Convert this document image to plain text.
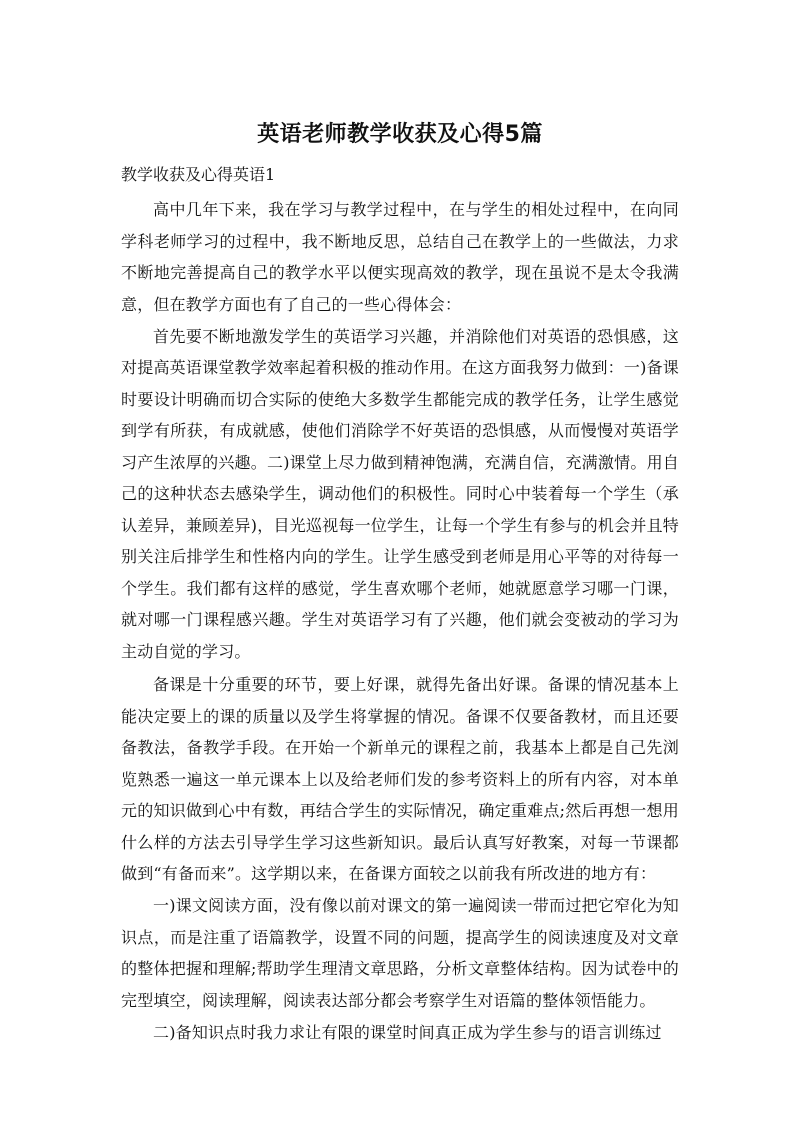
英语老师教学收获及心得5篇
教学收获及心得英语1

高中几年下来，我在学习与教学过程中，在与学生的相处过程中，在向同学科老师学习的过程中，我不断地反思，总结自己在教学上的一些做法，力求不断地完善提高自己的教学水平以便实现高效的教学，现在虽说不是太令我满意，但在教学方面也有了自己的一些心得体会：

首先要不断地激发学生的英语学习兴趣，并消除他们对英语的恐惧感，这对提高英语课堂教学效率起着积极的推动作用。在这方面我努力做到：一)备课时要设计明确而切合实际的使绝大多数学生都能完成的教学任务，让学生感觉到学有所获，有成就感，使他们消除学不好英语的恐惧感，从而慢慢对英语学习产生浓厚的兴趣。二)课堂上尽力做到精神饱满，充满自信，充满激情。用自己的这种状态去感染学生，调动他们的积极性。同时心中装着每一个学生（承认差异，兼顾差异)，目光巡视每一位学生，让每一个学生有参与的机会并且特别关注后排学生和性格内向的学生。让学生感受到老师是用心平等的对待每一个学生。我们都有这样的感觉，学生喜欢哪个老师，她就愿意学习哪一门课，就对哪一门课程感兴趣。学生对英语学习有了兴趣，他们就会变被动的学习为主动自觉的学习。

备课是十分重要的环节，要上好课，就得先备出好课。备课的情况基本上能决定要上的课的质量以及学生将掌握的情况。备课不仅要备教材，而且还要备教法，备教学手段。在开始一个新单元的课程之前，我基本上都是自己先浏览熟悉一遍这一单元课本上以及给老师们发的参考资料上的所有内容，对本单元的知识做到心中有数，再结合学生的实际情况，确定重难点;然后再想一想用什么样的方法去引导学生学习这些新知识。最后认真写好教案，对每一节课都做到“有备而来”。这学期以来，在备课方面较之以前我有所改进的地方有：

一)课文阅读方面，没有像以前对课文的第一遍阅读一带而过把它窄化为知识点，而是注重了语篇教学，设置不同的问题，提高学生的阅读速度及对文章的整体把握和理解;帮助学生理清文章思路，分析文章整体结构。因为试卷中的完型填空，阅读理解，阅读表达部分都会考察学生对语篇的整体领悟能力。

二)备知识点时我力求让有限的课堂时间真正成为学生参与的语言训练过
